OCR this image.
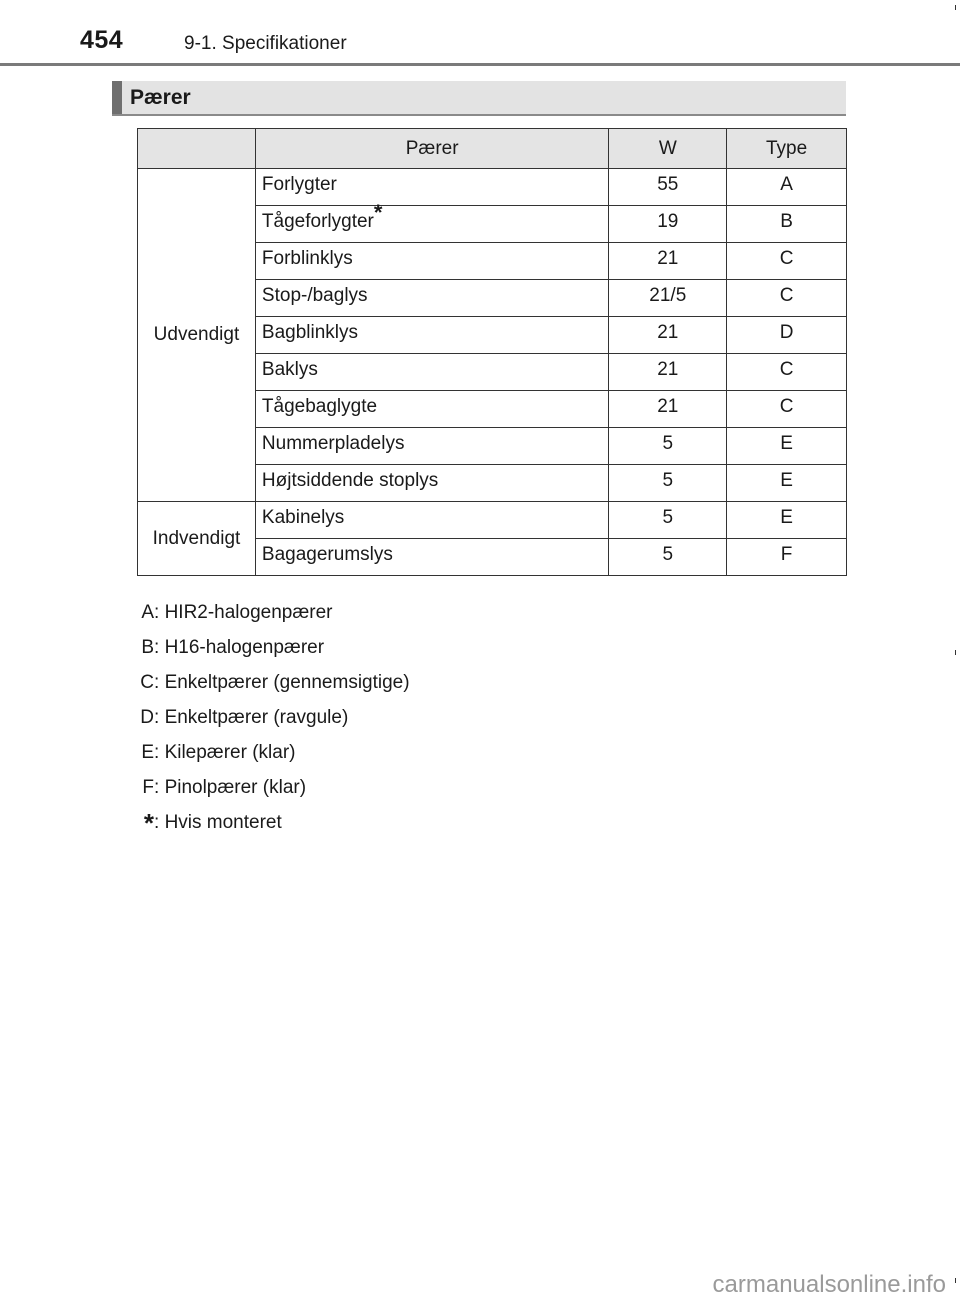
454	9-1. Specifikationer
Pærer
	Pærer	W	Type
Udvendigt	Forlygter	55	A
	Tågeforlygter*	19	B
	Forblinklys	21	C
	Stop-/baglys	21/5	C
	Bagblinklys	21	D
	Baklys	21	C
	Tågebaglygte	21	C
	Nummerpladelys	5	E
	Højtsiddende stoplys	5	E
Indvendigt	Kabinelys	5	E
	Bagagerumslys	5	F
A: HIR2-halogenpærer
B: H16-halogenpærer
C: Enkeltpærer (gennemsigtige)
D: Enkeltpærer (ravgule)
E: Kilepærer (klar)
F: Pinolpærer (klar)
*: Hvis monteret
carmanualsonline.info
